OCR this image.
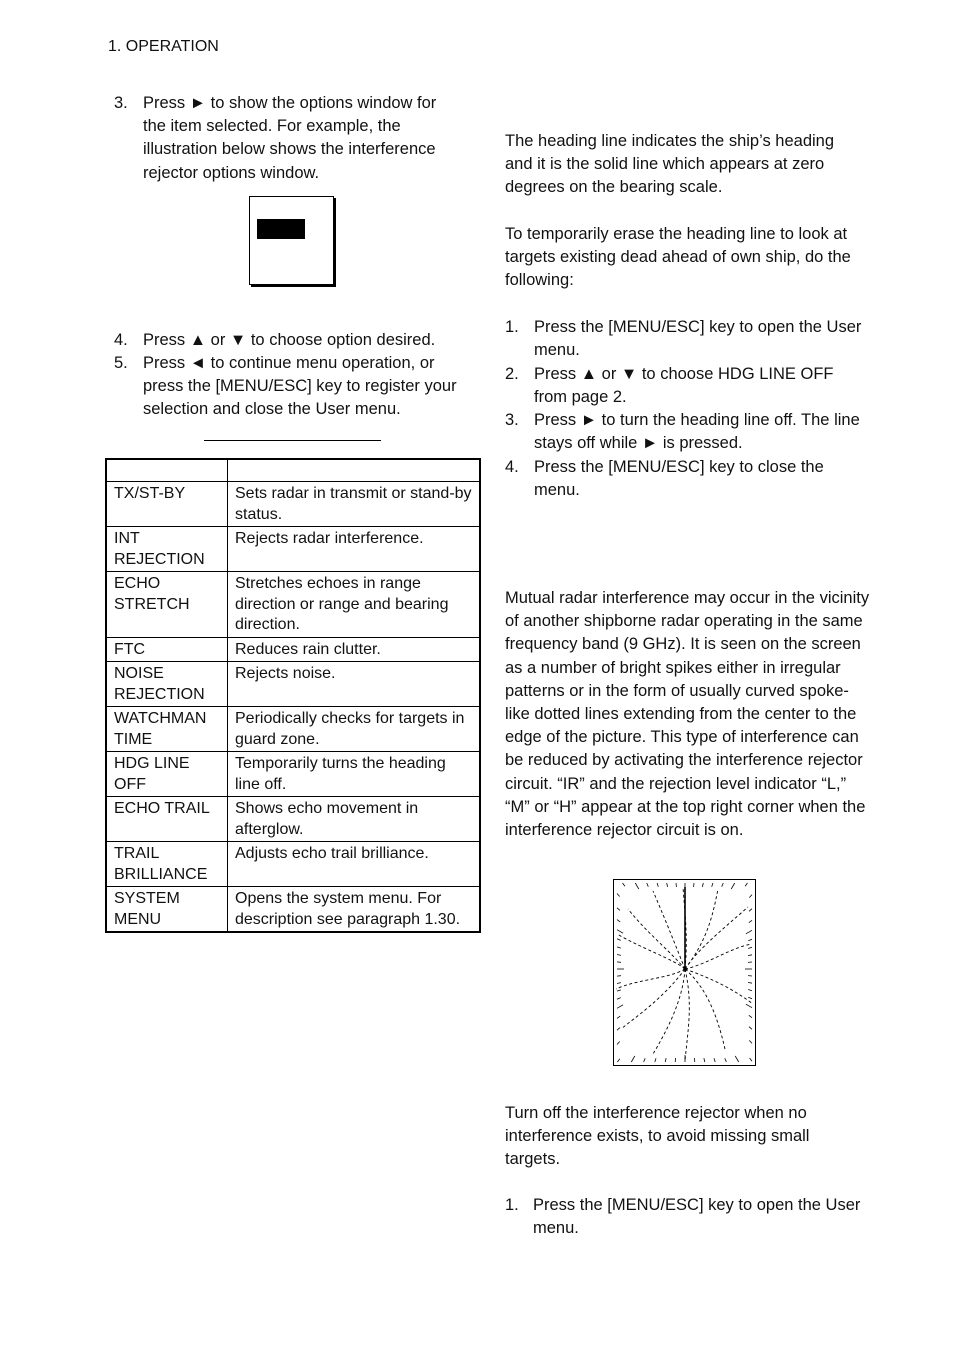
1. OPERATION
3. Press ► to show the options window for the item selected. For example, the illustration below shows the interference rejector options window.
4. Press ▲ or ▼ to choose option desired.
5. Press ◄ to continue menu operation, or press the [MENU/ESC] key to register your selection and close the User menu.

TX/ST-BY	Sets radar in transmit or stand-by status.
INT REJECTION	Rejects radar interference.
ECHO STRETCH	Stretches echoes in range direction or range and bearing direction.
FTC	Reduces rain clutter.
NOISE REJECTION	Rejects noise.
WATCHMAN TIME	Periodically checks for targets in guard zone.
HDG LINE OFF	Temporarily turns the heading line off.
ECHO TRAIL	Shows echo movement in afterglow.
TRAIL BRILLIANCE	Adjusts echo trail brilliance.
SYSTEM MENU	Opens the system menu. For description see paragraph 1.30.
The heading line indicates the ship’s heading and it is the solid line which appears at zero degrees on the bearing scale.
To temporarily erase the heading line to look at targets existing dead ahead of own ship, do the following:
1. Press the [MENU/ESC] key to open the User menu.
2. Press ▲ or ▼ to choose HDG LINE OFF from page 2.
3. Press ► to turn the heading line off. The line stays off while ► is pressed.
4. Press the [MENU/ESC] key to close the menu.
Mutual radar interference may occur in the vicinity of another shipborne radar operating in the same frequency band (9 GHz). It is seen on the screen as a number of bright spikes either in irregular patterns or in the form of usually curved spoke-like dotted lines extending from the center to the edge of the picture. This type of interference can be reduced by activating the interference rejector circuit. “IR” and the rejection level indicator “L,” “M” or “H” appear at the top right corner when the interference rejector circuit is on.
Turn off the interference rejector when no interference exists, to avoid missing small targets.
1. Press the [MENU/ESC] key to open the User menu.
